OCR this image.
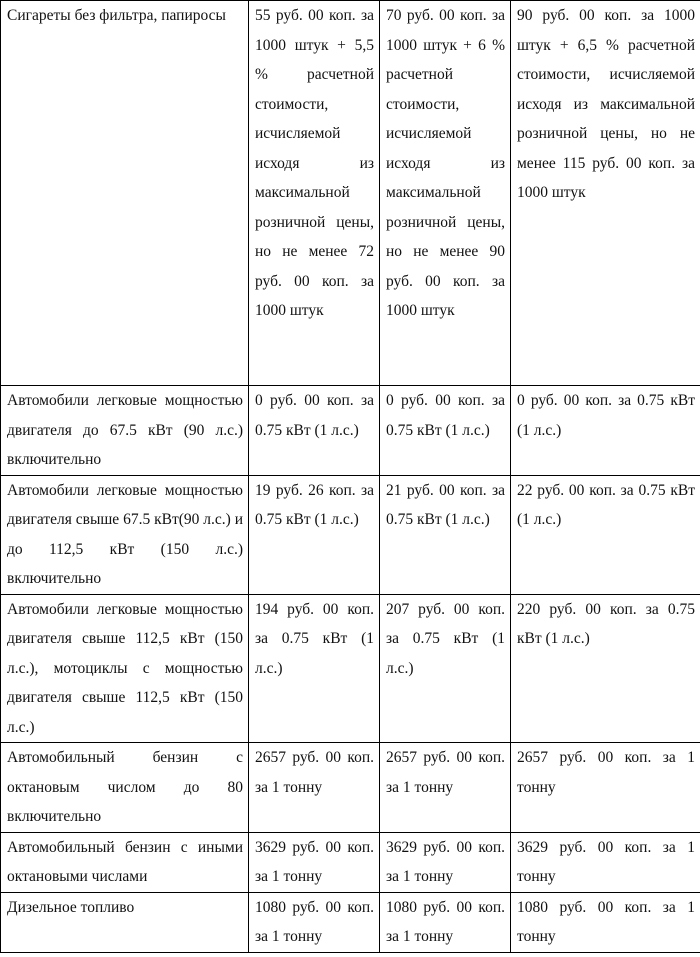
Сигареты без фильтра, папиросы	55 руб. 00 коп. за 1000 штук + 5,5 % расчетной стоимости, исчисляемой исходя из максимальной розничной цены, но не менее 72 руб. 00 коп. за 1000 штук	70 руб. 00 коп. за 1000 штук + 6 % расчетной стоимости, исчисляемой исходя из максимальной розничной цены, но не менее 90 руб. 00 коп. за 1000 штук	90 руб. 00 коп. за 1000 штук + 6,5 % расчетной стоимости, исчисляемой исходя из максимальной розничной цены, но не менее 115 руб. 00 коп. за 1000 штук
Автомобили легковые мощностью двигателя до 67.5 кВт (90 л.с.) включительно	0 руб. 00 коп. за 0.75 кВт (1 л.с.)	0 руб. 00 коп. за 0.75 кВт (1 л.с.)	0 руб. 00 коп. за 0.75 кВт (1 л.с.)
Автомобили легковые мощностью двигателя свыше 67.5 кВт(90 л.с.) и до 112,5 кВт (150 л.с.) включительно	19 руб. 26 коп. за 0.75 кВт (1 л.с.)	21 руб. 00 коп. за 0.75 кВт (1 л.с.)	22 руб. 00 коп. за 0.75 кВт (1 л.с.)
Автомобили легковые мощностью двигателя свыше 112,5 кВт (150 л.с.), мотоциклы с мощностью двигателя свыше 112,5 кВт (150 л.с.)	194 руб. 00 коп. за 0.75 кВт (1 л.с.)	207 руб. 00 коп. за 0.75 кВт (1 л.с.)	220 руб. 00 коп. за 0.75 кВт (1 л.с.)
Автомобильный бензин с октановым числом до 80 включительно	2657 руб. 00 коп. за 1 тонну	2657 руб. 00 коп. за 1 тонну	2657 руб. 00 коп. за 1 тонну
Автомобильный бензин с иными октановыми числами	3629 руб. 00 коп. за 1 тонну	3629 руб. 00 коп. за 1 тонну	3629 руб. 00 коп. за 1 тонну
Дизельное топливо	1080 руб. 00 коп. за 1 тонну	1080 руб. 00 коп. за 1 тонну	1080 руб. 00 коп. за 1 тонну
